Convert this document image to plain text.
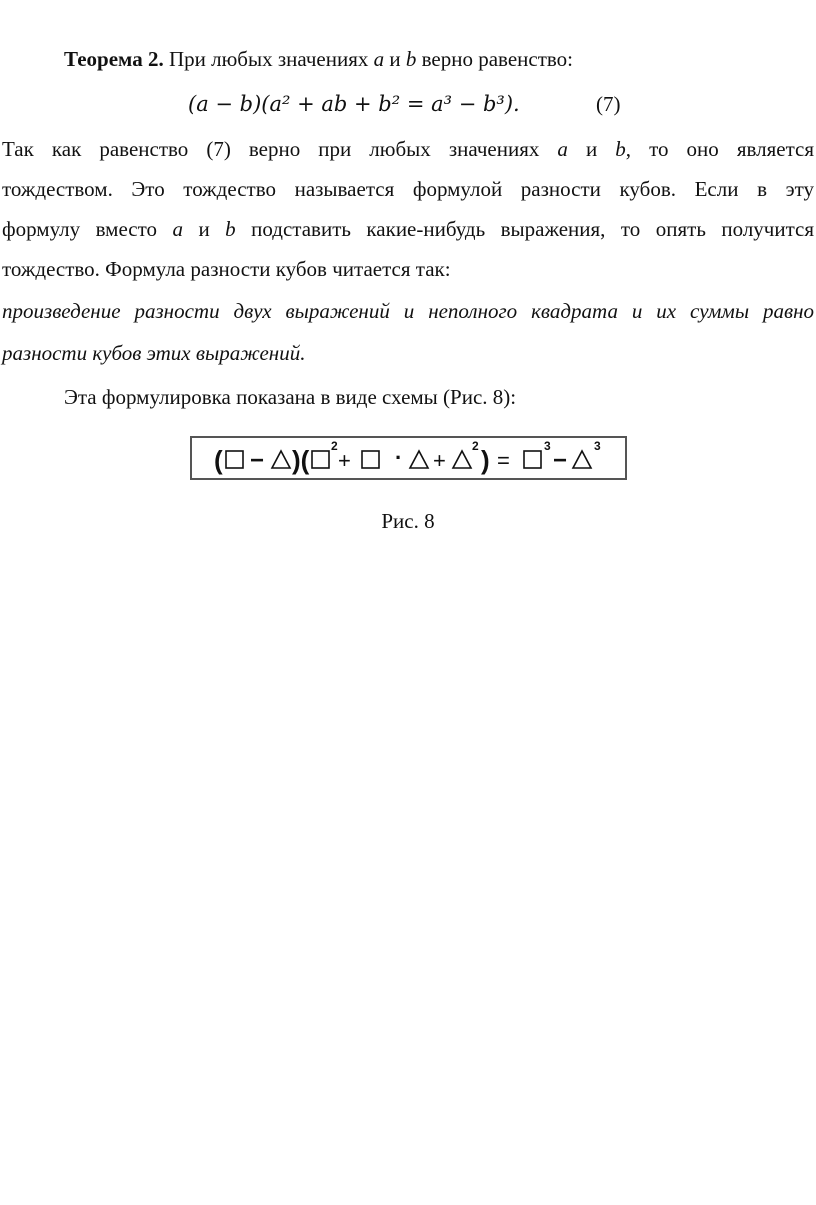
Теорема 2. При любых значениях a и b верно равенство:
(a − b)(a² + ab + b² = a³ − b³).	(7)
Так как равенство (7) верно при любых значениях a и b, то оно является
тождеством. Это тождество называется формулой разности кубов. Если в эту
формулу вместо a и b подставить какие-нибудь выражения, то опять получится
тождество. Формула разности кубов читается так:
произведение разности двух выражений и неполного квадрата и их суммы равно
разности кубов этих выражений.
Эта формулировка показана в виде схемы (Рис. 8):
( − )( 2
+ · +
2 ) =
3
−
3
Рис. 8
